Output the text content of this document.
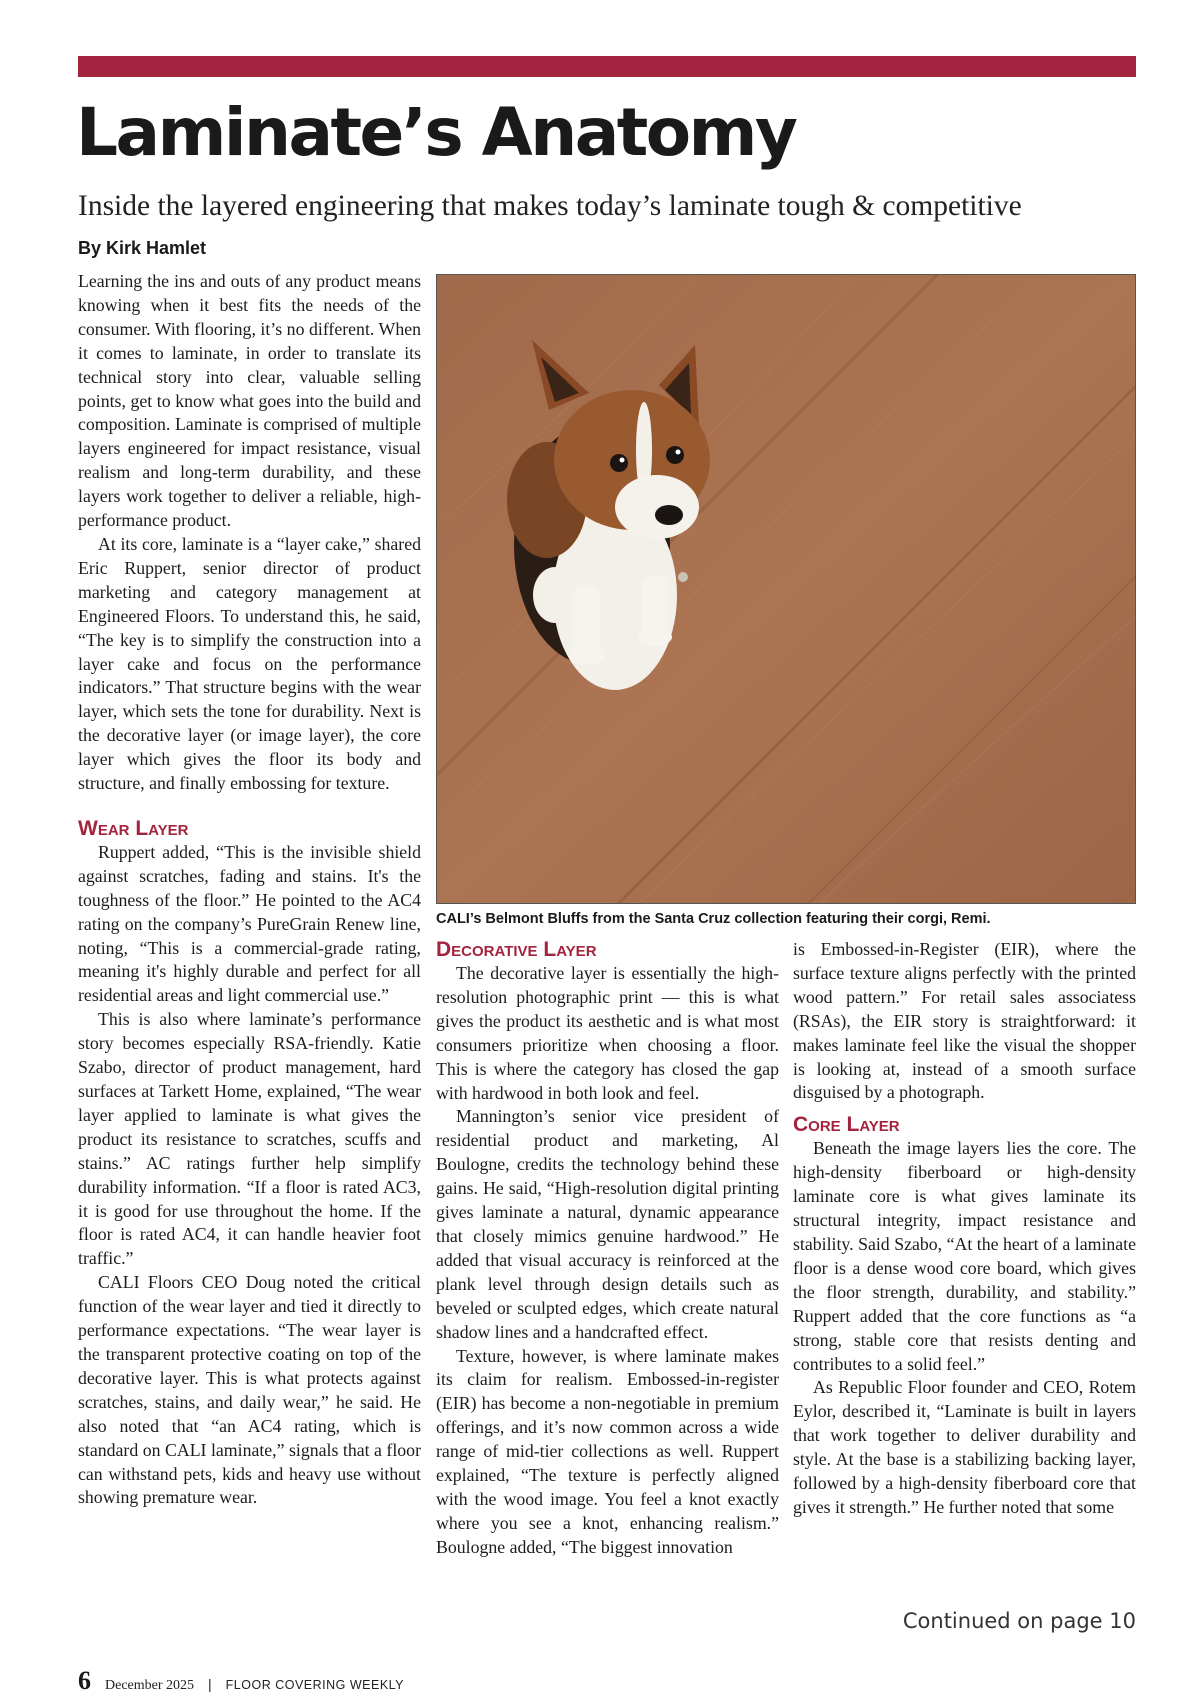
Laminate’s Anatomy

Inside the layered engineering that makes today’s laminate tough & competitive

By Kirk Hamlet

Learning the ins and outs of any product means knowing when it best fits the needs of the consumer. With flooring, it’s no different. When it comes to laminate, in order to translate its technical story into clear, valuable selling points, get to know what goes into the build and composition. Laminate is comprised of multiple layers engineered for impact resistance, visual realism and long-term durability, and these layers work together to deliver a reliable, high-performance product.

At its core, laminate is a “layer cake,” shared Eric Ruppert, senior director of product marketing and category management at Engineered Floors. To understand this, he said, “The key is to simplify the construction into a layer cake and focus on the performance indicators.” That structure begins with the wear layer, which sets the tone for durability. Next is the decorative layer (or image layer), the core layer which gives the floor its body and structure, and finally embossing for texture.

Wear Layer

Ruppert added, “This is the invisible shield against scratches, fading and stains. It's the toughness of the floor.” He pointed to the AC4 rating on the company’s PureGrain Renew line, noting, “This is a commercial-grade rating, meaning it's highly durable and perfect for all residential areas and light commercial use.”

This is also where laminate’s performance story becomes especially RSA-friendly. Katie Szabo, director of product management, hard surfaces at Tarkett Home, explained, “The wear layer applied to laminate is what gives the product its resistance to scratches, scuffs and stains.” AC ratings further help simplify durability information. “If a floor is rated AC3, it is good for use throughout the home. If the floor is rated AC4, it can handle heavier foot traffic.”

CALI Floors CEO Doug noted the critical function of the wear layer and tied it directly to performance expectations. “The wear layer is the transparent protective coating on top of the decorative layer. This is what protects against scratches, stains, and daily wear,” he said. He also noted that “an AC4 rating, which is standard on CALI laminate,” signals that a floor can withstand pets, kids and heavy use without showing premature wear.

CALI’s Belmont Bluffs from the Santa Cruz collection featuring their corgi, Remi.

Decorative Layer

The decorative layer is essentially the high-resolution photographic print — this is what gives the product its aesthetic and is what most consumers prioritize when choosing a floor. This is where the category has closed the gap with hardwood in both look and feel.

Mannington’s senior vice president of residential product and marketing, Al Boulogne, credits the technology behind these gains. He said, “High-resolution digital printing gives laminate a natural, dynamic appearance that closely mimics genuine hardwood.” He added that visual accuracy is reinforced at the plank level through design details such as beveled or sculpted edges, which create natural shadow lines and a handcrafted effect.

Texture, however, is where laminate makes its claim for realism. Embossed-in-register (EIR) has become a non-negotiable in premium offerings, and it’s now common across a wide range of mid-tier collections as well. Ruppert explained, “The texture is perfectly aligned with the wood image. You feel a knot exactly where you see a knot, enhancing realism.” Boulogne added, “The biggest innovation

is Embossed-in-Register (EIR), where the surface texture aligns perfectly with the printed wood pattern.” For retail sales associatess (RSAs), the EIR story is straightforward: it makes laminate feel like the visual the shopper is looking at, instead of a smooth surface disguised by a photograph.

Core Layer

Beneath the image layers lies the core. The high-density fiberboard or high-density laminate core is what gives laminate its structural integrity, impact resistance and stability. Said Szabo, “At the heart of a laminate floor is a dense wood core board, which gives the floor strength, durability, and stability.” Ruppert added that the core functions as “a strong, stable core that resists denting and contributes to a solid feel.”

As Republic Floor founder and CEO, Rotem Eylor, described it, “Laminate is built in layers that work together to deliver durability and style. At the base is a stabilizing backing layer, followed by a high-density fiberboard core that gives it strength.” He further noted that some

Continued on page 10

6 December 2025 | FLOOR COVERING WEEKLY
